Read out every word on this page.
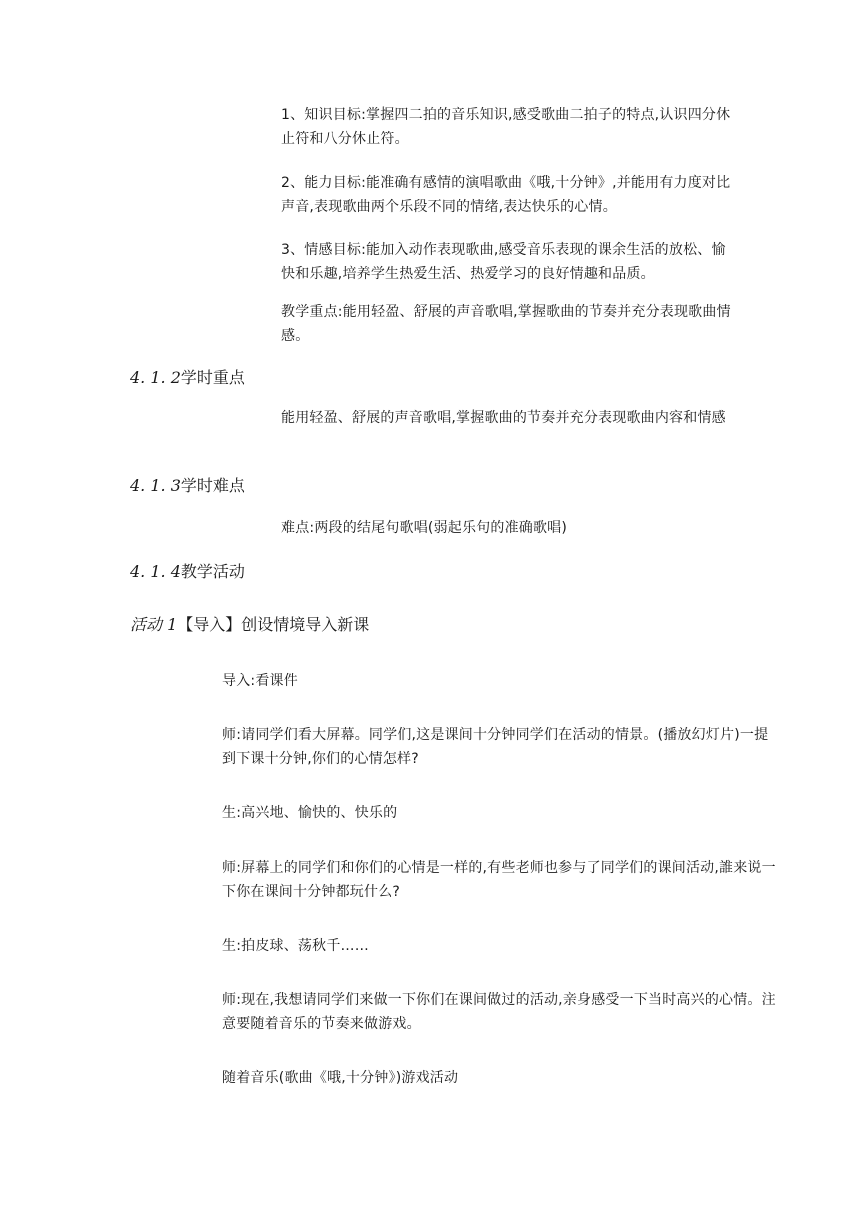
1、知识目标:掌握四二拍的音乐知识,感受歌曲二拍子的特点,认识四分休止符和八分休止符。

2、能力目标:能准确有感情的演唱歌曲《哦,十分钟》,并能用有力度对比声音,表现歌曲两个乐段不同的情绪,表达快乐的心情。

3、情感目标:能加入动作表现歌曲,感受音乐表现的课余生活的放松、愉快和乐趣,培养学生热爱生活、热爱学习的良好情趣和品质。

教学重点:能用轻盈、舒展的声音歌唱,掌握歌曲的节奏并充分表现歌曲情感。

4. 1. 2学时重点

能用轻盈、舒展的声音歌唱,掌握歌曲的节奏并充分表现歌曲内容和情感

4. 1. 3学时难点

难点:两段的结尾句歌唱(弱起乐句的准确歌唱)

4. 1. 4教学活动
活动 1【导入】创设情境导入新课

导入:看课件

师:请同学们看大屏幕。同学们,这是课间十分钟同学们在活动的情景。(播放幻灯片)一提到下课十分钟,你们的心情怎样?

生:高兴地、愉快的、快乐的

师:屏幕上的同学们和你们的心情是一样的,有些老师也参与了同学们的课间活动,誰来说一下你在课间十分钟都玩什么?

生:拍皮球、荡秋千……

师:现在,我想请同学们来做一下你们在课间做过的活动,亲身感受一下当时高兴的心情。注意要随着音乐的节奏来做游戏。

随着音乐(歌曲《哦,十分钟》)游戏活动
